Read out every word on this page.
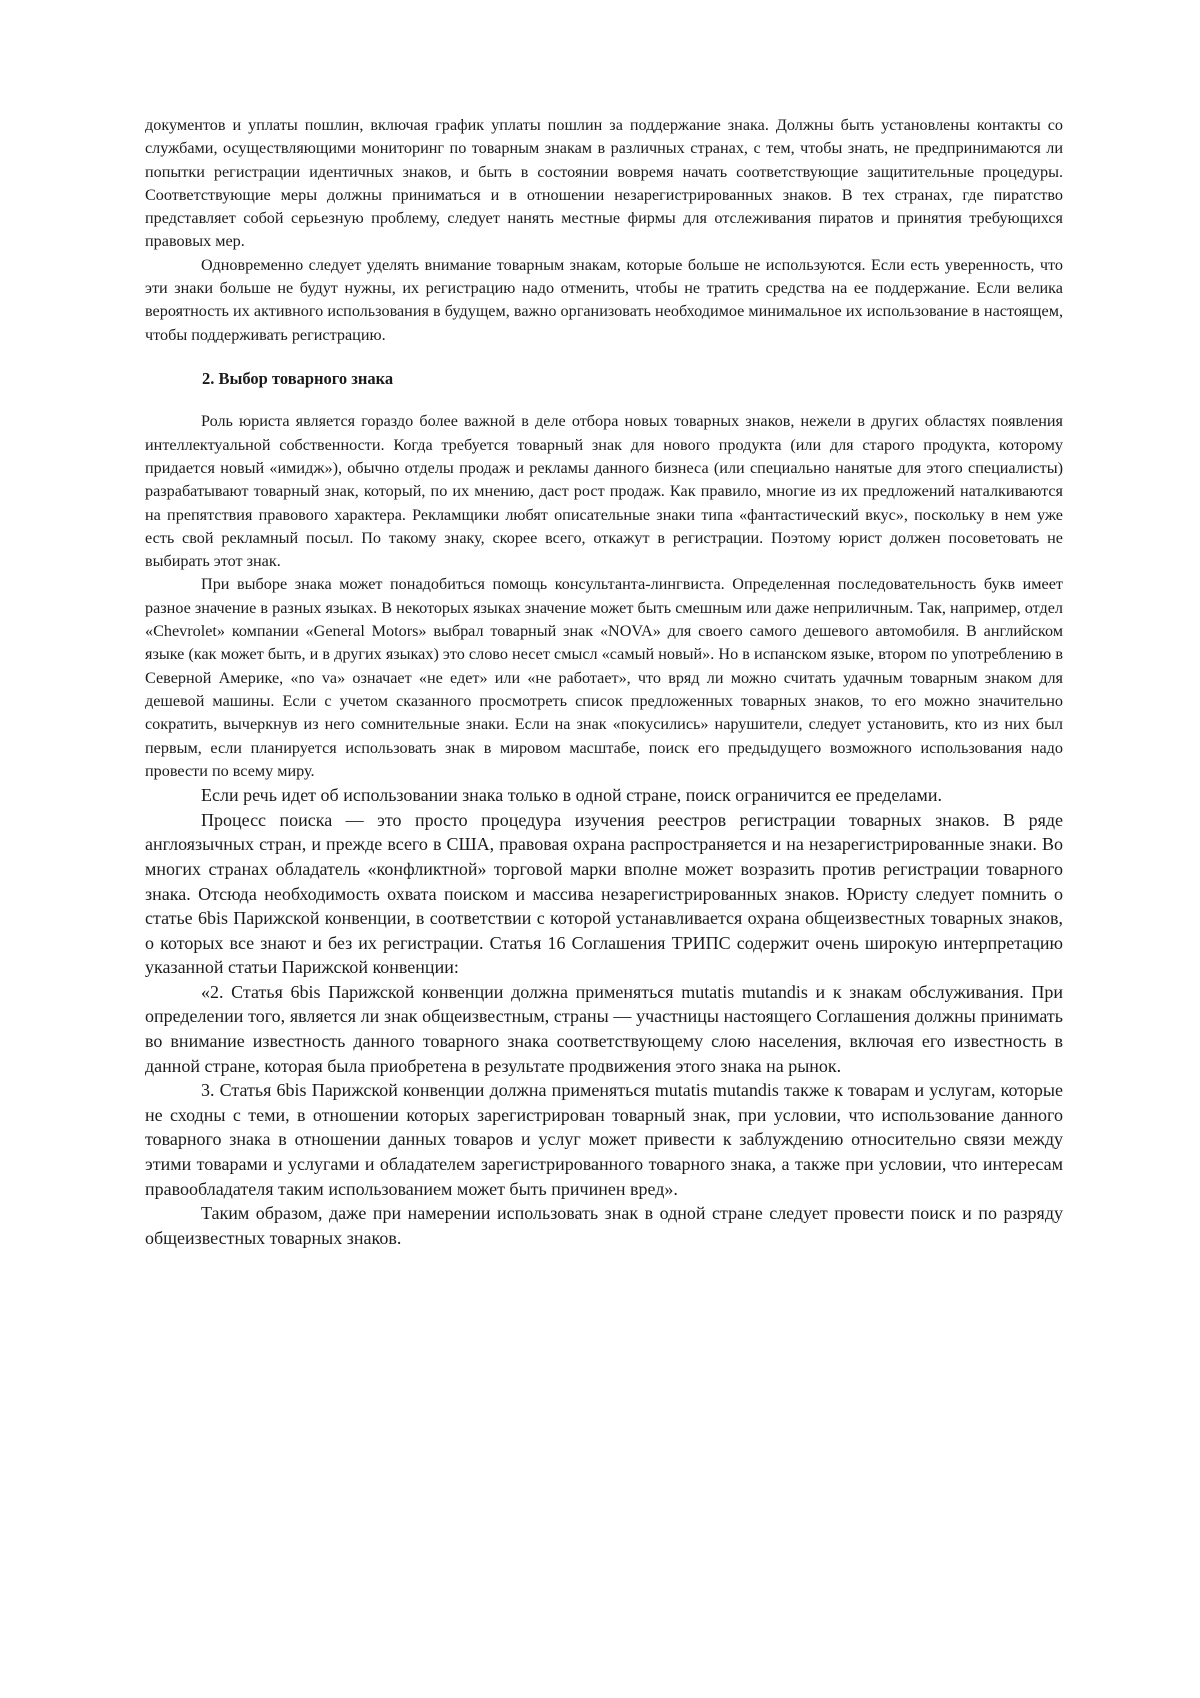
документов и уплаты пошлин, включая график уплаты пошлин за поддержание знака. Должны быть установлены контакты со службами, осуществляющими мониторинг по товарным знакам в различных странах, с тем, чтобы знать, не предпринимаются ли попытки регистрации идентичных знаков, и быть в состоянии вовремя начать соответствующие защитительные процедуры. Соответствующие меры должны приниматься и в отношении незарегистрированных знаков. В тех странах, где пиратство представляет собой серьезную проблему, следует нанять местные фирмы для отслеживания пиратов и принятия требующихся правовых мер.

Одновременно следует уделять внимание товарным знакам, которые больше не используются. Если есть уверенность, что эти знаки больше не будут нужны, их регистрацию надо отменить, чтобы не тратить средства на ее поддержание. Если велика вероятность их активного использования в будущем, важно организовать необходимое минимальное их использование в настоящем, чтобы поддерживать регистрацию.

2. Выбор товарного знака

Роль юриста является гораздо более важной в деле отбора новых товарных знаков, нежели в других областях появления интеллектуальной собственности. Когда требуется товарный знак для нового продукта (или для старого продукта, которому придается новый «имидж»), обычно отделы продаж и рекламы данного бизнеса (или специально нанятые для этого специалисты) разрабатывают товарный знак, который, по их мнению, даст рост продаж. Как правило, многие из их предложений наталкиваются на препятствия правового характера. Рекламщики любят описательные знаки типа «фантастический вкус», поскольку в нем уже есть свой рекламный посыл. По такому знаку, скорее всего, откажут в регистрации. Поэтому юрист должен посоветовать не выбирать этот знак.

При выборе знака может понадобиться помощь консультанта-лингвиста. Определенная последовательность букв имеет разное значение в разных языках. В некоторых языках значение может быть смешным или даже неприличным. Так, например, отдел «Chevrolet» компании «General Motors» выбрал товарный знак «NOVA» для своего самого дешевого автомобиля. В английском языке (как может быть, и в других языках) это слово несет смысл «самый новый». Но в испанском языке, втором по употреблению в Северной Америке, «no va» означает «не едет» или «не работает», что вряд ли можно считать удачным товарным знаком для дешевой машины. Если с учетом сказанного просмотреть список предложенных товарных знаков, то его можно значительно сократить, вычеркнув из него сомнительные знаки. Если на знак «покусились» нарушители, следует установить, кто из них был первым, если планируется использовать знак в мировом масштабе, поиск его предыдущего возможного использования надо провести по всему миру.

Если речь идет об использовании знака только в одной стране, поиск ограничится ее пределами.

Процесс поиска — это просто процедура изучения реестров регистрации товарных знаков. В ряде англоязычных стран, и прежде всего в США, правовая охрана распространяется и на незарегистрированные знаки. Во многих странах обладатель «конфликтной» торговой марки вполне может возразить против регистрации товарного знака. Отсюда необходимость охвата поиском и массива незарегистрированных знаков. Юристу следует помнить о статье 6bis Парижской конвенции, в соответствии с которой устанавливается охрана общеизвестных товарных знаков, о которых все знают и без их регистрации. Статья 16 Соглашения ТРИПС содержит очень широкую интерпретацию указанной статьи Парижской конвенции:

«2. Статья 6bis Парижской конвенции должна применяться mutatis mutandis и к знакам обслуживания. При определении того, является ли знак общеизвестным, страны — участницы настоящего Соглашения должны принимать во внимание известность данного товарного знака соответствующему слою населения, включая его известность в данной стране, которая была приобретена в результате продвижения этого знака на рынок.

3. Статья 6bis Парижской конвенции должна применяться mutatis mutandis также к товарам и услугам, которые не сходны с теми, в отношении которых зарегистрирован товарный знак, при условии, что использование данного товарного знака в отношении данных товаров и услуг может привести к заблуждению относительно связи между этими товарами и услугами и обладателем зарегистрированного товарного знака, а также при условии, что интересам правообладателя таким использованием может быть причинен вред».

Таким образом, даже при намерении использовать знак в одной стране следует провести поиск и по разряду общеизвестных товарных знаков.
